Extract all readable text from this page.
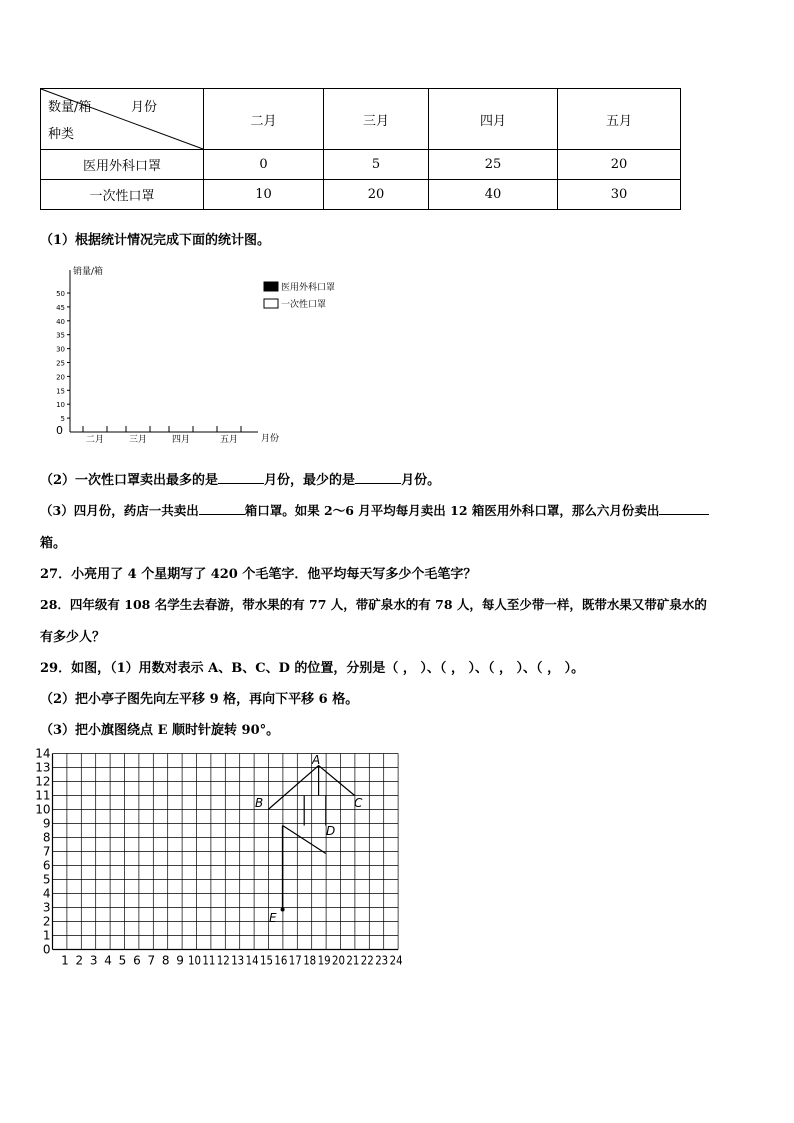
月份
数量/箱
种类	二月	三月	四月	五月
医用外科口罩	0	5	25	20
一次性口罩	10	20	40	30
（1）根据统计情况完成下面的统计图。
销量/箱
月份
0
5
10
15
20
25
30
35
40
45
50
二月	三月	四月	五月
医用外科口罩
一次性口罩
（2）一次性口罩卖出最多的是	月份，最少的是	月份。
（3）四月份，药店一共卖出	箱口罩。如果 2～6 月平均每月卖出 12 箱医用外科口罩，那么六月份卖出
箱。
27．小亮用了 4 个星期写了 420 个毛笔字．他平均每天写多少个毛笔字？
28．四年级有 108 名学生去春游，带水果的有 77 人，带矿泉水的有 78 人，每人至少带一样，既带水果又带矿泉水的
有多少人？
29．如图，（1）用数对表示 A、B、C、D 的位置，分别是（ ， ）、（ ， ）、（ ， ）、（ ， ）。
（2）把小亭子图先向左平移 9 格，再向下平移 6 格。
（3）把小旗图绕点 E 顺时针旋转 90°。
0
1
2
3
4
5
6
7
8
9
10
11
12
13
14
1 2 3 4 5 6 7 8 9 10 11 12 13 14 15 16 17 18 19 20 21 22 23 24
A
B	C
D
E
